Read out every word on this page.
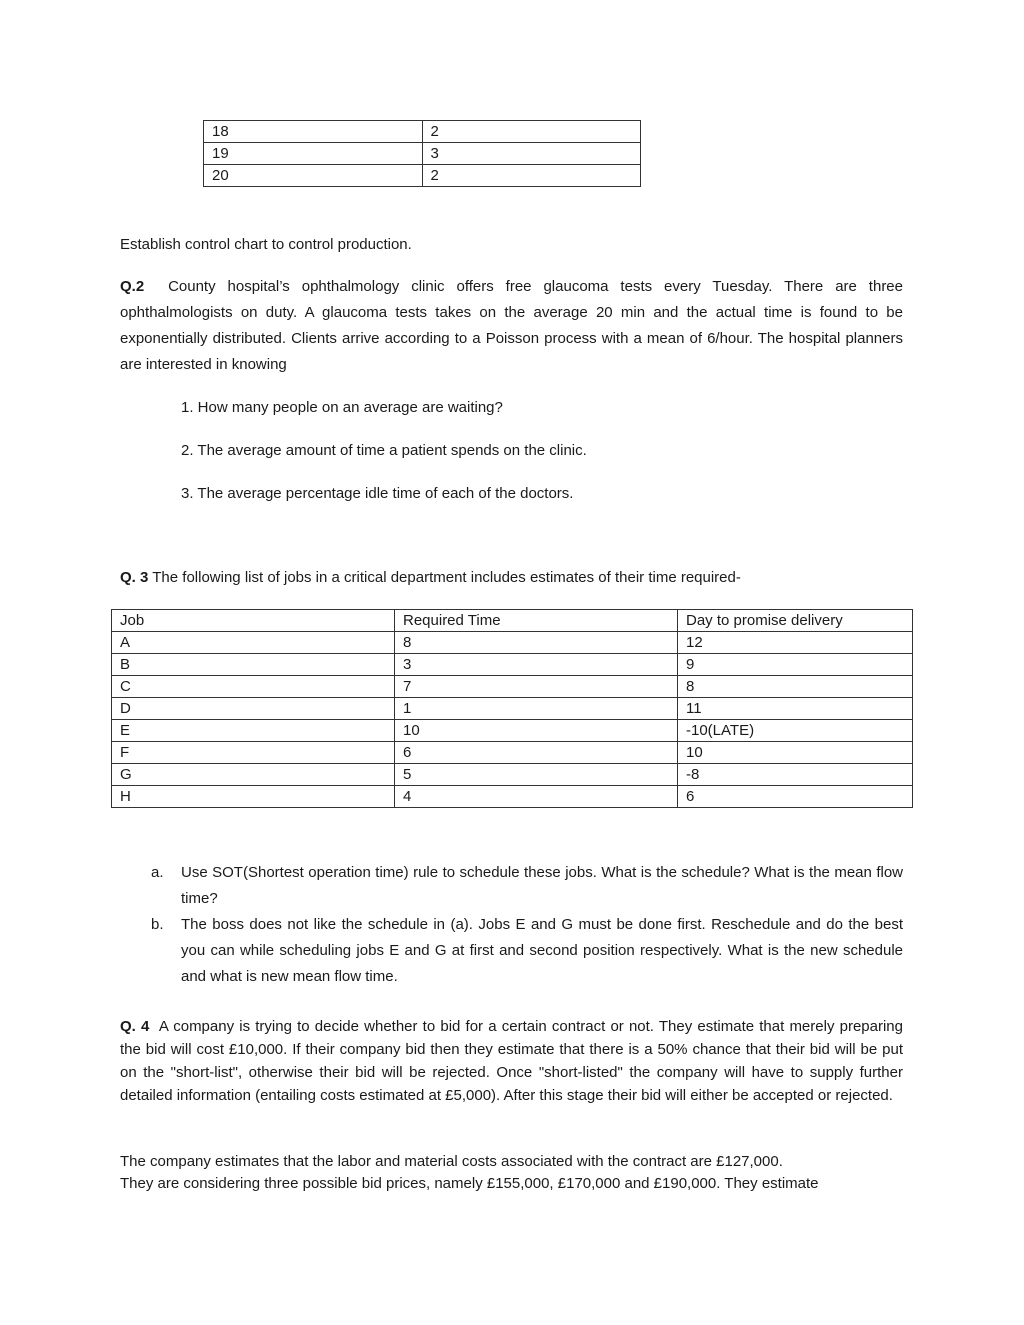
18	2
19	3
20	2

Establish control chart to control production.

Q.2 County hospital’s ophthalmology clinic offers free glaucoma tests every Tuesday. There are three ophthalmologists on duty. A glaucoma tests takes on the average 20 min and the actual time is found to be exponentially distributed. Clients arrive according to a Poisson process with a mean of 6/hour. The hospital planners are interested in knowing

1. How many people on an average are waiting?

2. The average amount of time a patient spends on the clinic.

3. The average percentage idle time of each of the doctors.

Q. 3 The following list of jobs in a critical department includes estimates of their time required-

Job	Required Time	Day to promise delivery
A	8	12
B	3	9
C	7	8
D	1	11
E	10	-10(LATE)
F	6	10
G	5	-8
H	4	6
a. Use SOT(Shortest operation time) rule to schedule these jobs. What is the schedule? What is the mean flow time?

b. The boss does not like the schedule in (a). Jobs E and G must be done first. Reschedule and do the best you can while scheduling jobs E and G at first and second position respectively. What is the new schedule and what is new mean flow time.

Q. 4 A company is trying to decide whether to bid for a certain contract or not. They estimate that merely preparing the bid will cost £10,000. If their company bid then they estimate that there is a 50% chance that their bid will be put on the "short-list", otherwise their bid will be rejected. Once "short-listed" the company will have to supply further detailed information (entailing costs estimated at £5,000). After this stage their bid will either be accepted or rejected.

The company estimates that the labor and material costs associated with the contract are £127,000.

They are considering three possible bid prices, namely £155,000, £170,000 and £190,000. They estimate
